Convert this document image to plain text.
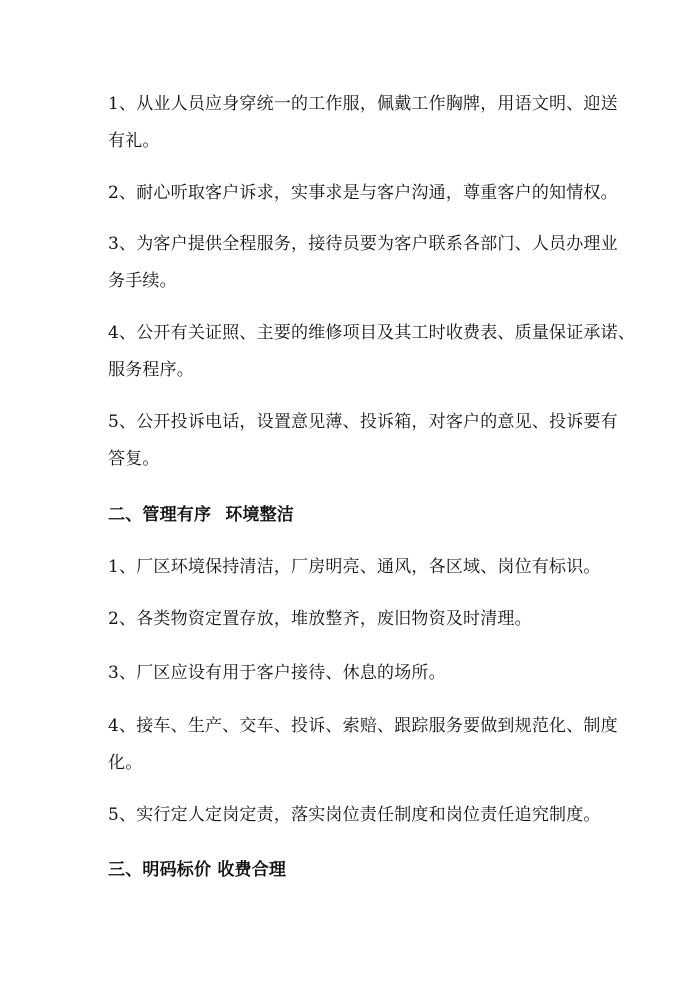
1、从业人员应身穿统一的工作服，佩戴工作胸牌，用语文明、迎送
有礼。
2、耐心听取客户诉求，实事求是与客户沟通，尊重客户的知情权。
3、为客户提供全程服务，接待员要为客户联系各部门、人员办理业
务手续。
4、公开有关证照、主要的维修项目及其工时收费表、质量保证承诺、
服务程序。
5、公开投诉电话，设置意见薄、投诉箱，对客户的意见、投诉要有
答复。
二、管理有序 环境整洁
1、厂区环境保持清洁，厂房明亮、通风，各区域、岗位有标识。
2、各类物资定置存放，堆放整齐，废旧物资及时清理。
3、厂区应设有用于客户接待、休息的场所。
4、接车、生产、交车、投诉、索赔、跟踪服务要做到规范化、制度
化。
5、实行定人定岗定责，落实岗位责任制度和岗位责任追究制度。
三、明码标价 收费合理
